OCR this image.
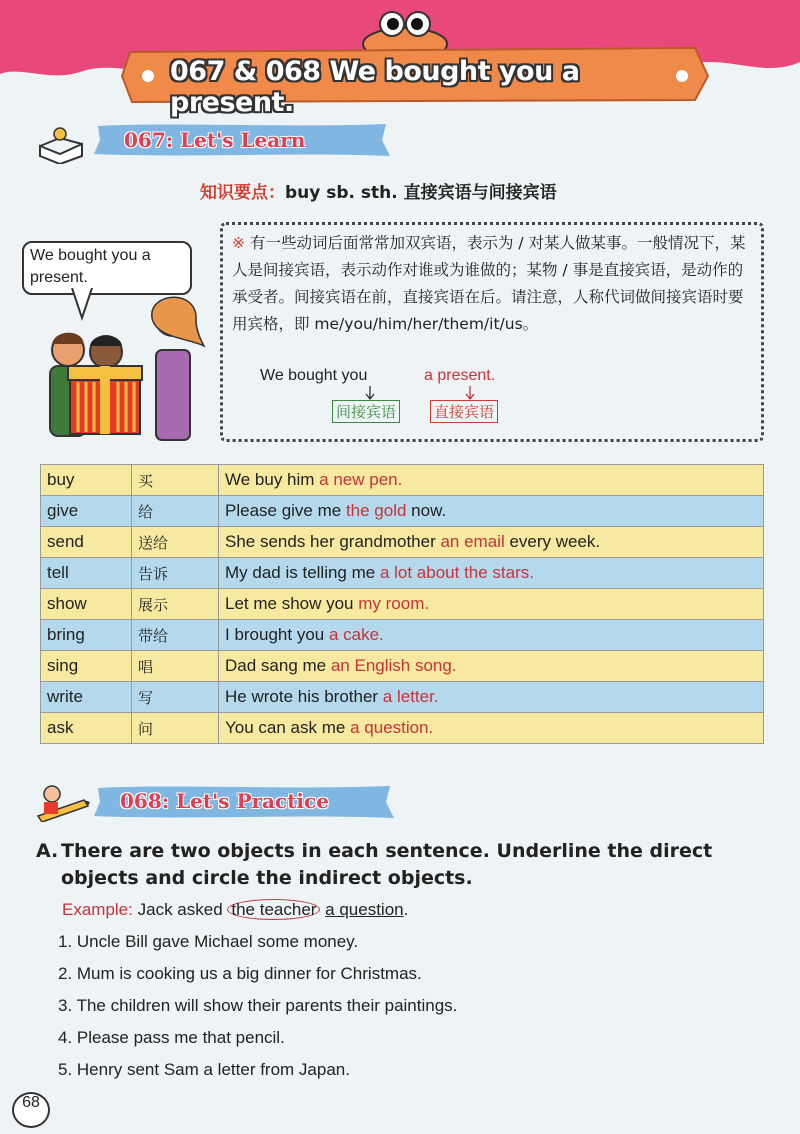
067 & 068 We bought you a present.
067: Let's Learn
知识要点：buy sb. sth. 直接宾语与间接宾语
We bought you a present.
※ 有一些动词后面常常加双宾语，表示为 / 对某人做某事。一般情况下，某人是间接宾语，表示动作对谁或为谁做的；某物 / 事是直接宾语，是动作的承受者。间接宾语在前，直接宾语在后。请注意，人称代词做间接宾语时要用宾格，即 me/you/him/her/them/it/us。
We bought you	a present.
间接宾语	直接宾语
buy	买	We buy him a new pen.
give	给	Please give me the gold now.
send	送给	She sends her grandmother an email every week.
tell	告诉	My dad is telling me a lot about the stars.
show	展示	Let me show you my room.
bring	带给	I brought you a cake.
sing	唱	Dad sang me an English song.
write	写	He wrote his brother a letter.
ask	问	You can ask me a question.
068: Let's Practice
A. There are two objects in each sentence. Underline the direct objects and circle the indirect objects.
Example: Jack asked the teacher a question.
1. Uncle Bill gave Michael some money.
2. Mum is cooking us a big dinner for Christmas.
3. The children will show their parents their paintings.
4. Please pass me that pencil.
5. Henry sent Sam a letter from Japan.
68
